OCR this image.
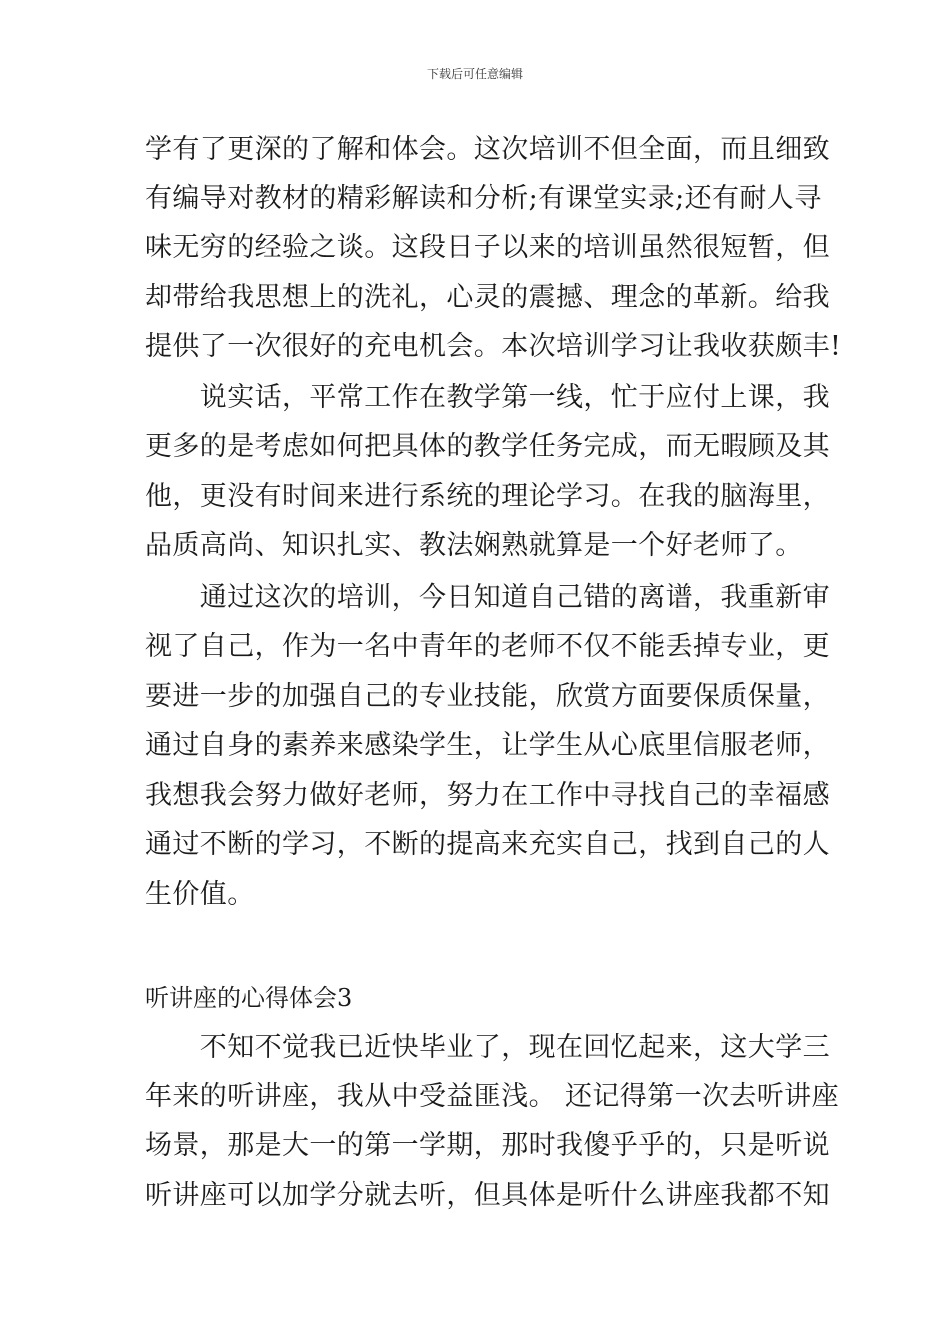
下载后可任意编辑
学有了更深的了解和体会。这次培训不但全面，而且细致
有编导对教材的精彩解读和分析;有课堂实录;还有耐人寻
味无穷的经验之谈。这段日子以来的培训虽然很短暂，但
却带给我思想上的洗礼，心灵的震撼、理念的革新。给我
提供了一次很好的充电机会。本次培训学习让我收获颇丰!
　　说实话，平常工作在教学第一线，忙于应付上课，我
更多的是考虑如何把具体的教学任务完成，而无暇顾及其
他，更没有时间来进行系统的理论学习。在我的脑海里，
品质高尚、知识扎实、教法娴熟就算是一个好老师了。
　　通过这次的培训，今日知道自己错的离谱，我重新审
视了自己，作为一名中青年的老师不仅不能丢掉专业，更
要进一步的加强自己的专业技能，欣赏方面要保质保量，
通过自身的素养来感染学生，让学生从心底里信服老师，
我想我会努力做好老师，努力在工作中寻找自己的幸福感
通过不断的学习，不断的提高来充实自己，找到自己的人
生价值。
听讲座的心得体会3
　　不知不觉我已近快毕业了，现在回忆起来，这大学三
年来的听讲座，我从中受益匪浅。 还记得第一次去听讲座
场景，那是大一的第一学期，那时我傻乎乎的，只是听说
听讲座可以加学分就去听，但具体是听什么讲座我都不知
